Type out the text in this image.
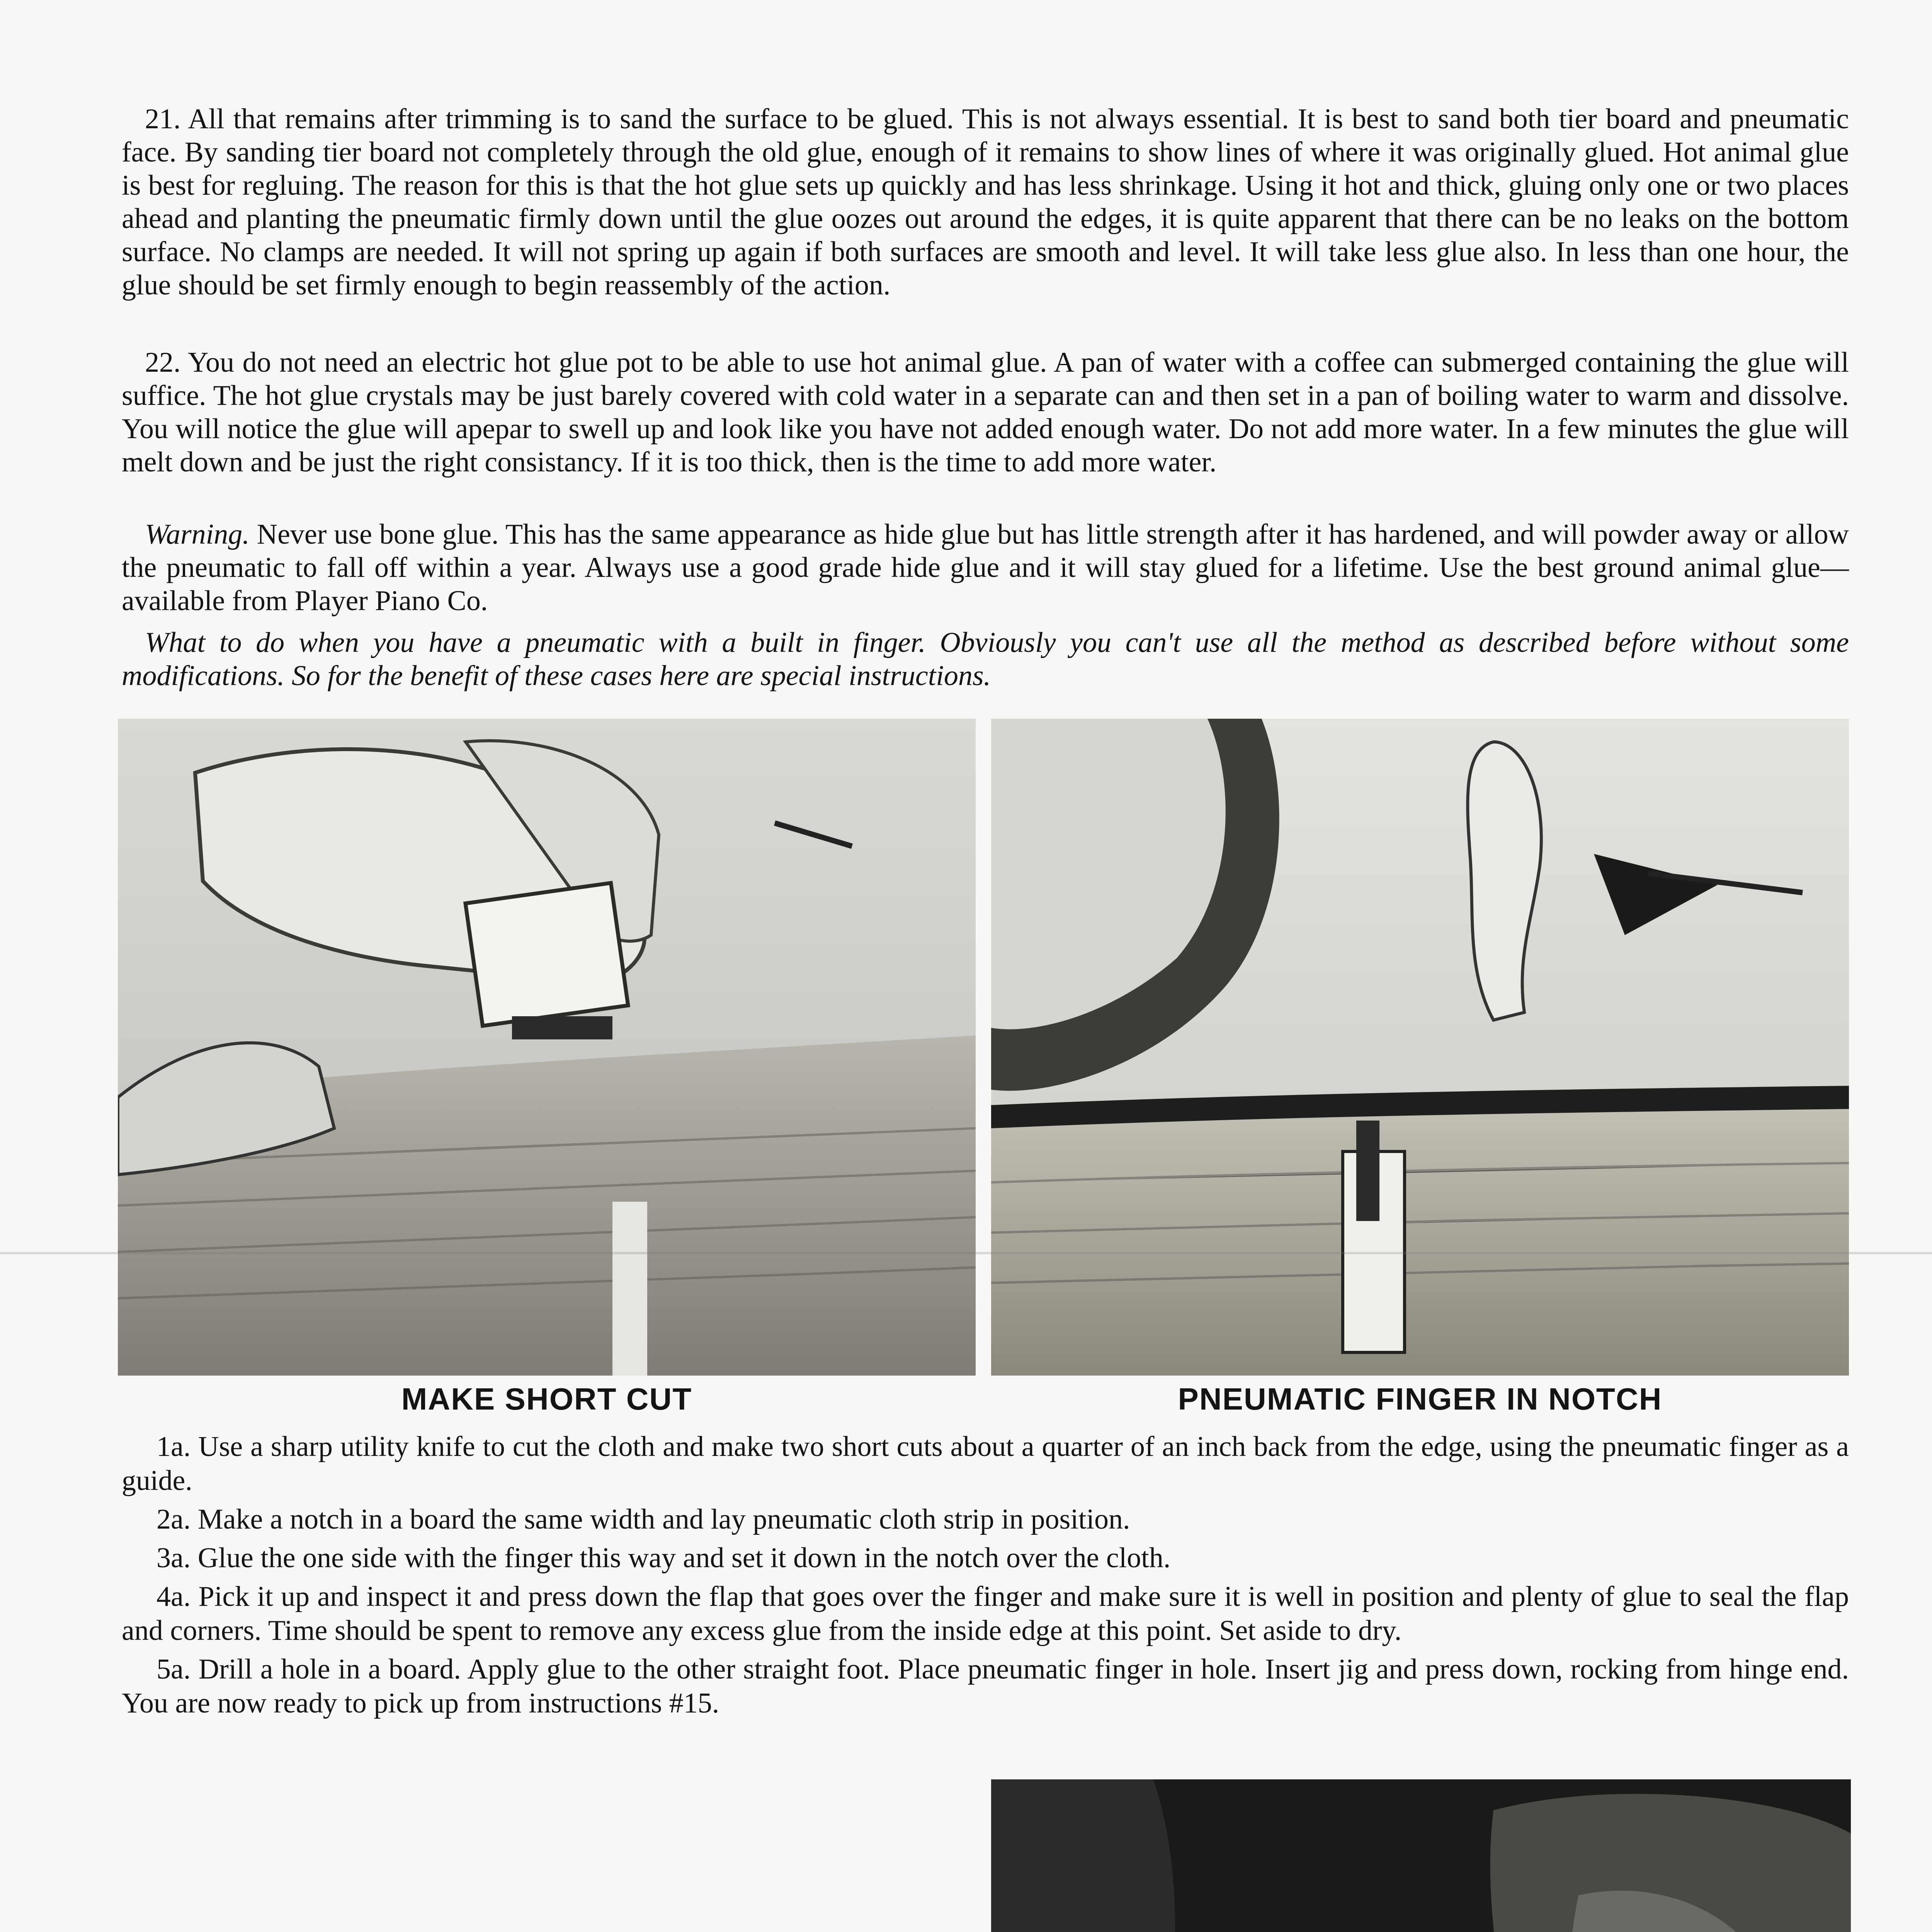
21. All that remains after trimming is to sand the surface to be glued. This is not always essential. It is best to sand both tier board and pneumatic face. By sanding tier board not completely through the old glue, enough of it remains to show lines of where it was originally glued. Hot animal glue is best for regluing. The reason for this is that the hot glue sets up quickly and has less shrinkage. Using it hot and thick, gluing only one or two places ahead and planting the pneumatic firmly down until the glue oozes out around the edges, it is quite apparent that there can be no leaks on the bottom surface. No clamps are needed. It will not spring up again if both surfaces are smooth and level. It will take less glue also. In less than one hour, the glue should be set firmly enough to begin reassembly of the action.

22. You do not need an electric hot glue pot to be able to use hot animal glue. A pan of water with a coffee can submerged containing the glue will suffice. The hot glue crystals may be just barely covered with cold water in a separate can and then set in a pan of boiling water to warm and dissolve. You will notice the glue will apepar to swell up and look like you have not added enough water. Do not add more water. In a few minutes the glue will melt down and be just the right consistancy. If it is too thick, then is the time to add more water.

Warning. Never use bone glue. This has the same appearance as hide glue but has little strength after it has hardened, and will powder away or allow the pneumatic to fall off within a year. Always use a good grade hide glue and it will stay glued for a lifetime. Use the best ground animal glue— available from Player Piano Co.

What to do when you have a pneumatic with a built in finger. Obviously you can't use all the method as described before without some modifications. So for the benefit of these cases here are special instructions.

MAKE SHORT CUT	PNEUMATIC FINGER IN NOTCH

1a. Use a sharp utility knife to cut the cloth and make two short cuts about a quarter of an inch back from the edge, using the pneumatic finger as a guide.

2a. Make a notch in a board the same width and lay pneumatic cloth strip in position.

3a. Glue the one side with the finger this way and set it down in the notch over the cloth.

4a. Pick it up and inspect it and press down the flap that goes over the finger and make sure it is well in position and plenty of glue to seal the flap and corners. Time should be spent to remove any excess glue from the inside edge at this point. Set aside to dry.

5a. Drill a hole in a board. Apply glue to the other straight foot. Place pneumatic finger in hole. Insert jig and press down, rocking from hinge end. You are now ready to pick up from instructions #15.
